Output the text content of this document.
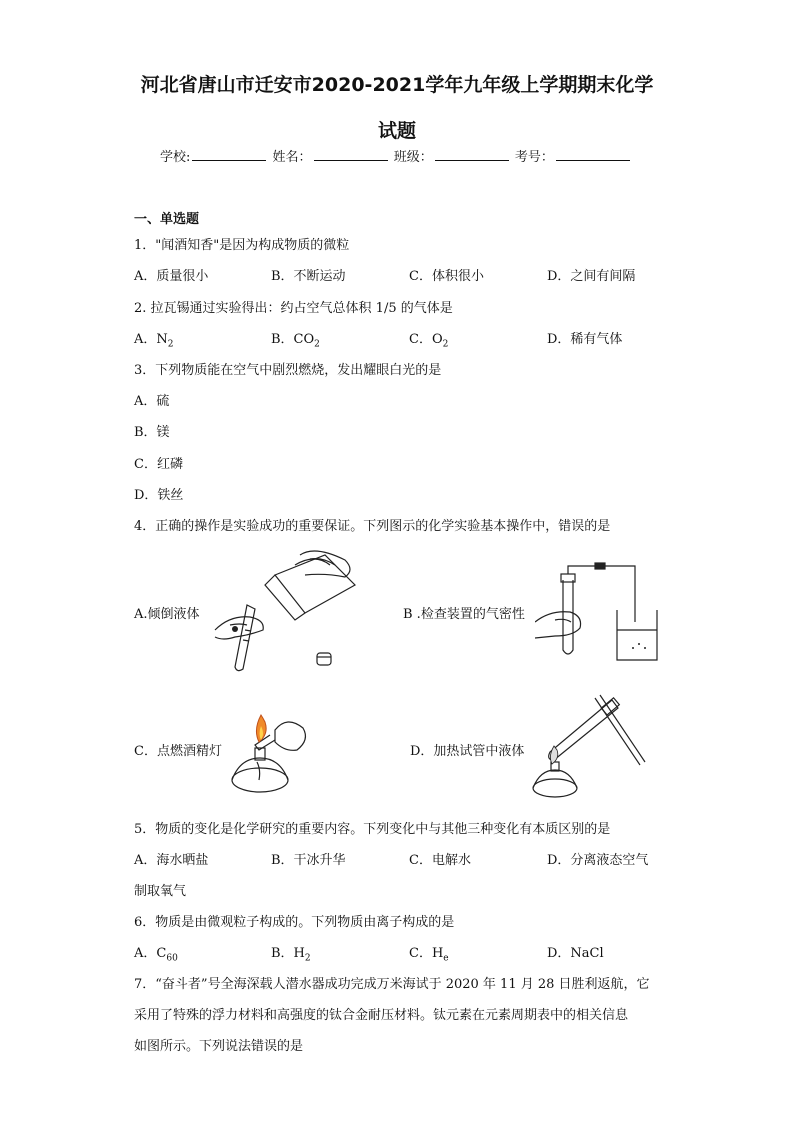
河北省唐山市迁安市2020-2021学年九年级上学期期末化学
试题
学校:	姓名：	班级：	考号：
一、单选题
1．"闻酒知香"是因为构成物质的微粒
A．质量很小	B．不断运动	C．体积很小	D．之间有间隔
2. 拉瓦锡通过实验得出：约占空气总体积 1/5 的气体是
A．$N_2$	B．$CO_2$	C．$O_2$	D．稀有气体
3．下列物质能在空气中剧烈燃烧，发出耀眼白光的是
A．硫
B．镁
C．红磷
D．铁丝
4．正确的操作是实验成功的重要保证。下列图示的化学实验基本操作中，错误的是
A.倾倒液体	B .检查装置的气密性
C．点燃酒精灯	D．加热试管中液体
5．物质的变化是化学研究的重要内容。下列变化中与其他三种变化有本质区别的是
A．海水晒盐	B．干冰升华	C．电解水	D．分离液态空气
制取氧气
6．物质是由微观粒子构成的。下列物质由离子构成的是
A．$C_{60}$	B．$H_2$	C．$H_e$	D．NaCl
7．“奋斗者”号全海深载人潜水器成功完成万米海试于 2020 年 11 月 28 日胜利返航，它
采用了特殊的浮力材料和高强度的钛合金耐压材料。钛元素在元素周期表中的相关信息
如图所示。下列说法错误的是
